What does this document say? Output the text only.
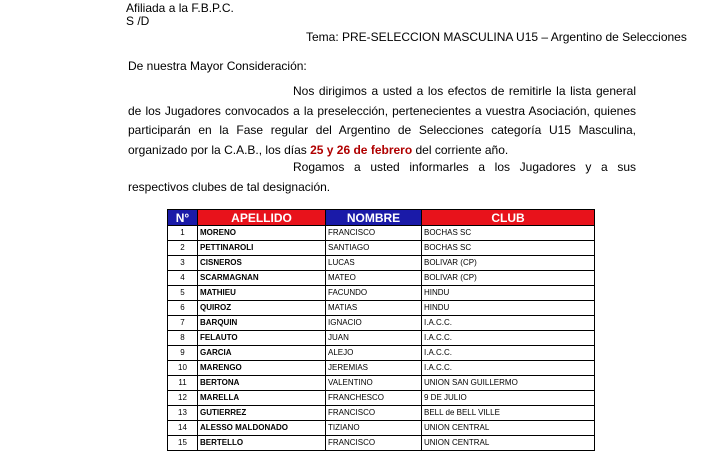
Afiliada a la F.B.P.C.
S /D
Tema: PRE-SELECCION MASCULINA U15 – Argentino de Selecciones
De nuestra Mayor Consideración:
Nos dirigimos a usted a los efectos de remitirle la lista general de los Jugadores convocados a la preselección, pertenecientes a vuestra Asociación, quienes participarán en la Fase regular del Argentino de Selecciones categoría U15 Masculina, organizado por la C.A.B., los días 25 y 26 de febrero del corriente año.
Rogamos a usted informarles a los Jugadores y a sus respectivos clubes de tal designación.
N°	APELLIDO	NOMBRE	CLUB
1	MORENO	FRANCISCO	BOCHAS SC
2	PETTINAROLI	SANTIAGO	BOCHAS SC
3	CISNEROS	LUCAS	BOLIVAR (CP)
4	SCARMAGNAN	MATEO	BOLIVAR (CP)
5	MATHIEU	FACUNDO	HINDU
6	QUIROZ	MATIAS	HINDU
7	BARQUIN	IGNACIO	I.A.C.C.
8	FELAUTO	JUAN	I.A.C.C.
9	GARCIA	ALEJO	I.A.C.C.
10	MARENGO	JEREMIAS	I.A.C.C.
11	BERTONA	VALENTINO	UNION SAN GUILLERMO
12	MARELLA	FRANCHESCO	9 DE JULIO
13	GUTIERREZ	FRANCISCO	BELL de BELL VILLE
14	ALESSO MALDONADO	TIZIANO	UNION CENTRAL
15	BERTELLO	FRANCISCO	UNION CENTRAL
